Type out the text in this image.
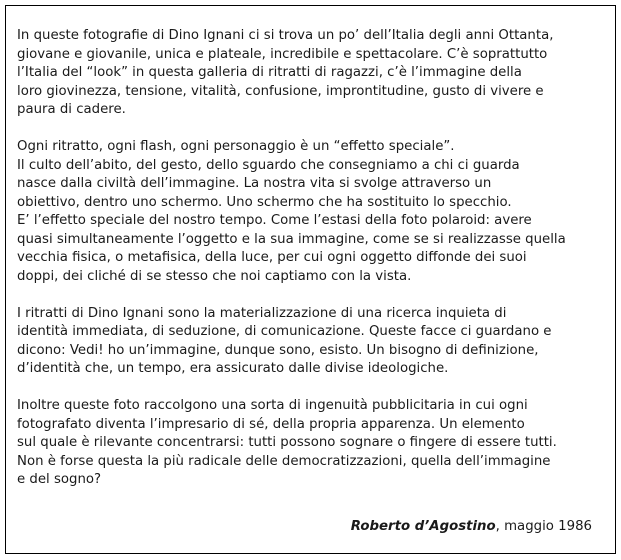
In queste fotografie di Dino Ignani ci si trova un po’ dell’Italia degli anni Ottanta,
giovane e giovanile, unica e plateale, incredibile e spettacolare. C’è soprattutto
l’Italia del “look” in questa galleria di ritratti di ragazzi, c’è l’immagine della
loro giovinezza, tensione, vitalità, confusione, improntitudine, gusto di vivere e
paura di cadere.

Ogni ritratto, ogni flash, ogni personaggio è un “effetto speciale”.
Il culto dell’abito, del gesto, dello sguardo che consegniamo a chi ci guarda
nasce dalla civiltà dell’immagine. La nostra vita si svolge attraverso un
obiettivo, dentro uno schermo. Uno schermo che ha sostituito lo specchio.
E’ l’effetto speciale del nostro tempo. Come l’estasi della foto polaroid: avere
quasi simultaneamente l’oggetto e la sua immagine, come se si realizzasse quella
vecchia fisica, o metafisica, della luce, per cui ogni oggetto diffonde dei suoi
doppi, dei cliché di se stesso che noi captiamo con la vista.

I ritratti di Dino Ignani sono la materializzazione di una ricerca inquieta di
identità immediata, di seduzione, di comunicazione. Queste facce ci guardano e
dicono: Vedi! ho un’immagine, dunque sono, esisto. Un bisogno di definizione,
d’identità che, un tempo, era assicurato dalle divise ideologiche.

Inoltre queste foto raccolgono una sorta di ingenuità pubblicitaria in cui ogni
fotografato diventa l’impresario di sé, della propria apparenza. Un elemento
sul quale è rilevante concentrarsi: tutti possono sognare o fingere di essere tutti.
Non è forse questa la più radicale delle democratizzazioni, quella dell’immagine
e del sogno?

Roberto d’Agostino, maggio 1986
